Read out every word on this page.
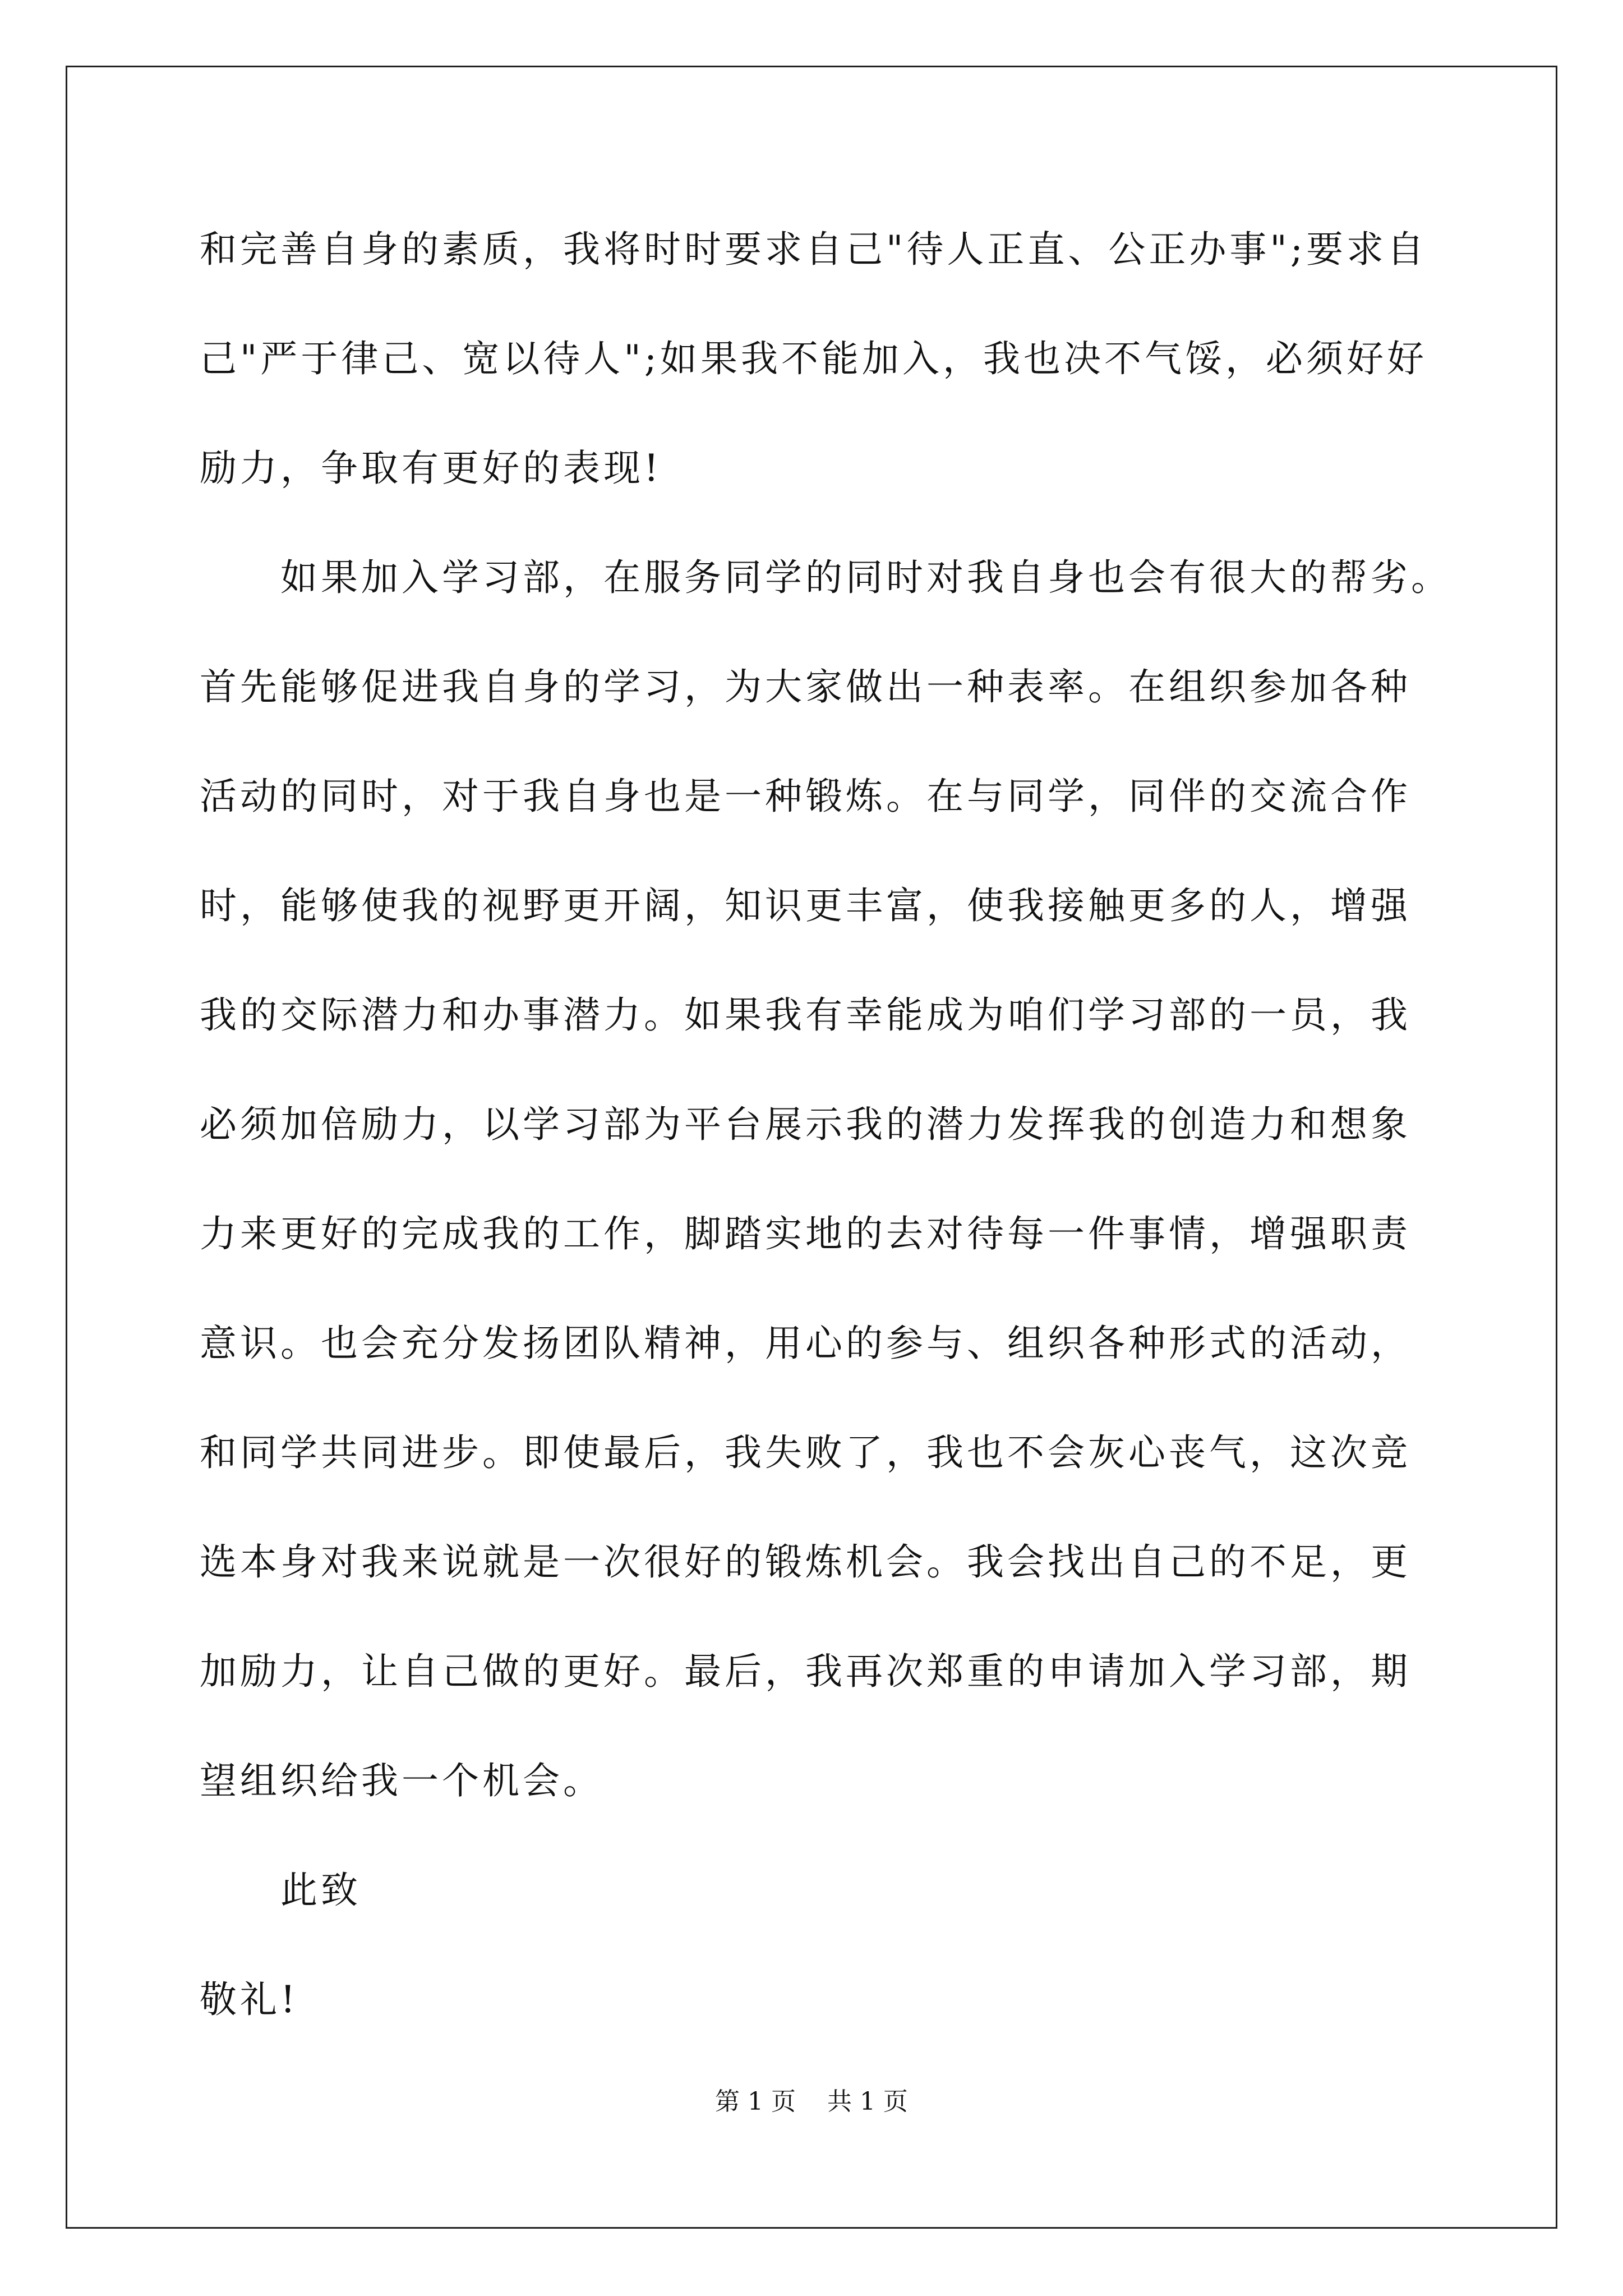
和完善自身的素质，我将时时要求自己"待人正直、公正办事";要求自

己"严于律己、宽以待人";如果我不能加入，我也决不气馁，必须好好

励力，争取有更好的表现!

如果加入学习部，在服务同学的同时对我自身也会有很大的帮劣。

首先能够促进我自身的学习，为大家做出一种表率。在组织参加各种

活动的同时，对于我自身也是一种锻炼。在与同学，同伴的交流合作

时，能够使我的视野更开阔，知识更丰富，使我接触更多的人，增强

我的交际潜力和办事潜力。如果我有幸能成为咱们学习部的一员，我

必须加倍励力，以学习部为平台展示我的潜力发挥我的创造力和想象

力来更好的完成我的工作，脚踏实地的去对待每一件事情，增强职责

意识。也会充分发扬团队精神，用心的参与、组织各种形式的活动，

和同学共同进步。即使最后，我失败了，我也不会灰心丧气，这次竞

选本身对我来说就是一次很好的锻炼机会。我会找出自己的不足，更

加励力，让自己做的更好。最后，我再次郑重的申请加入学习部，期

望组织给我一个机会。

此致

敬礼!

第 1 页    共 1 页
